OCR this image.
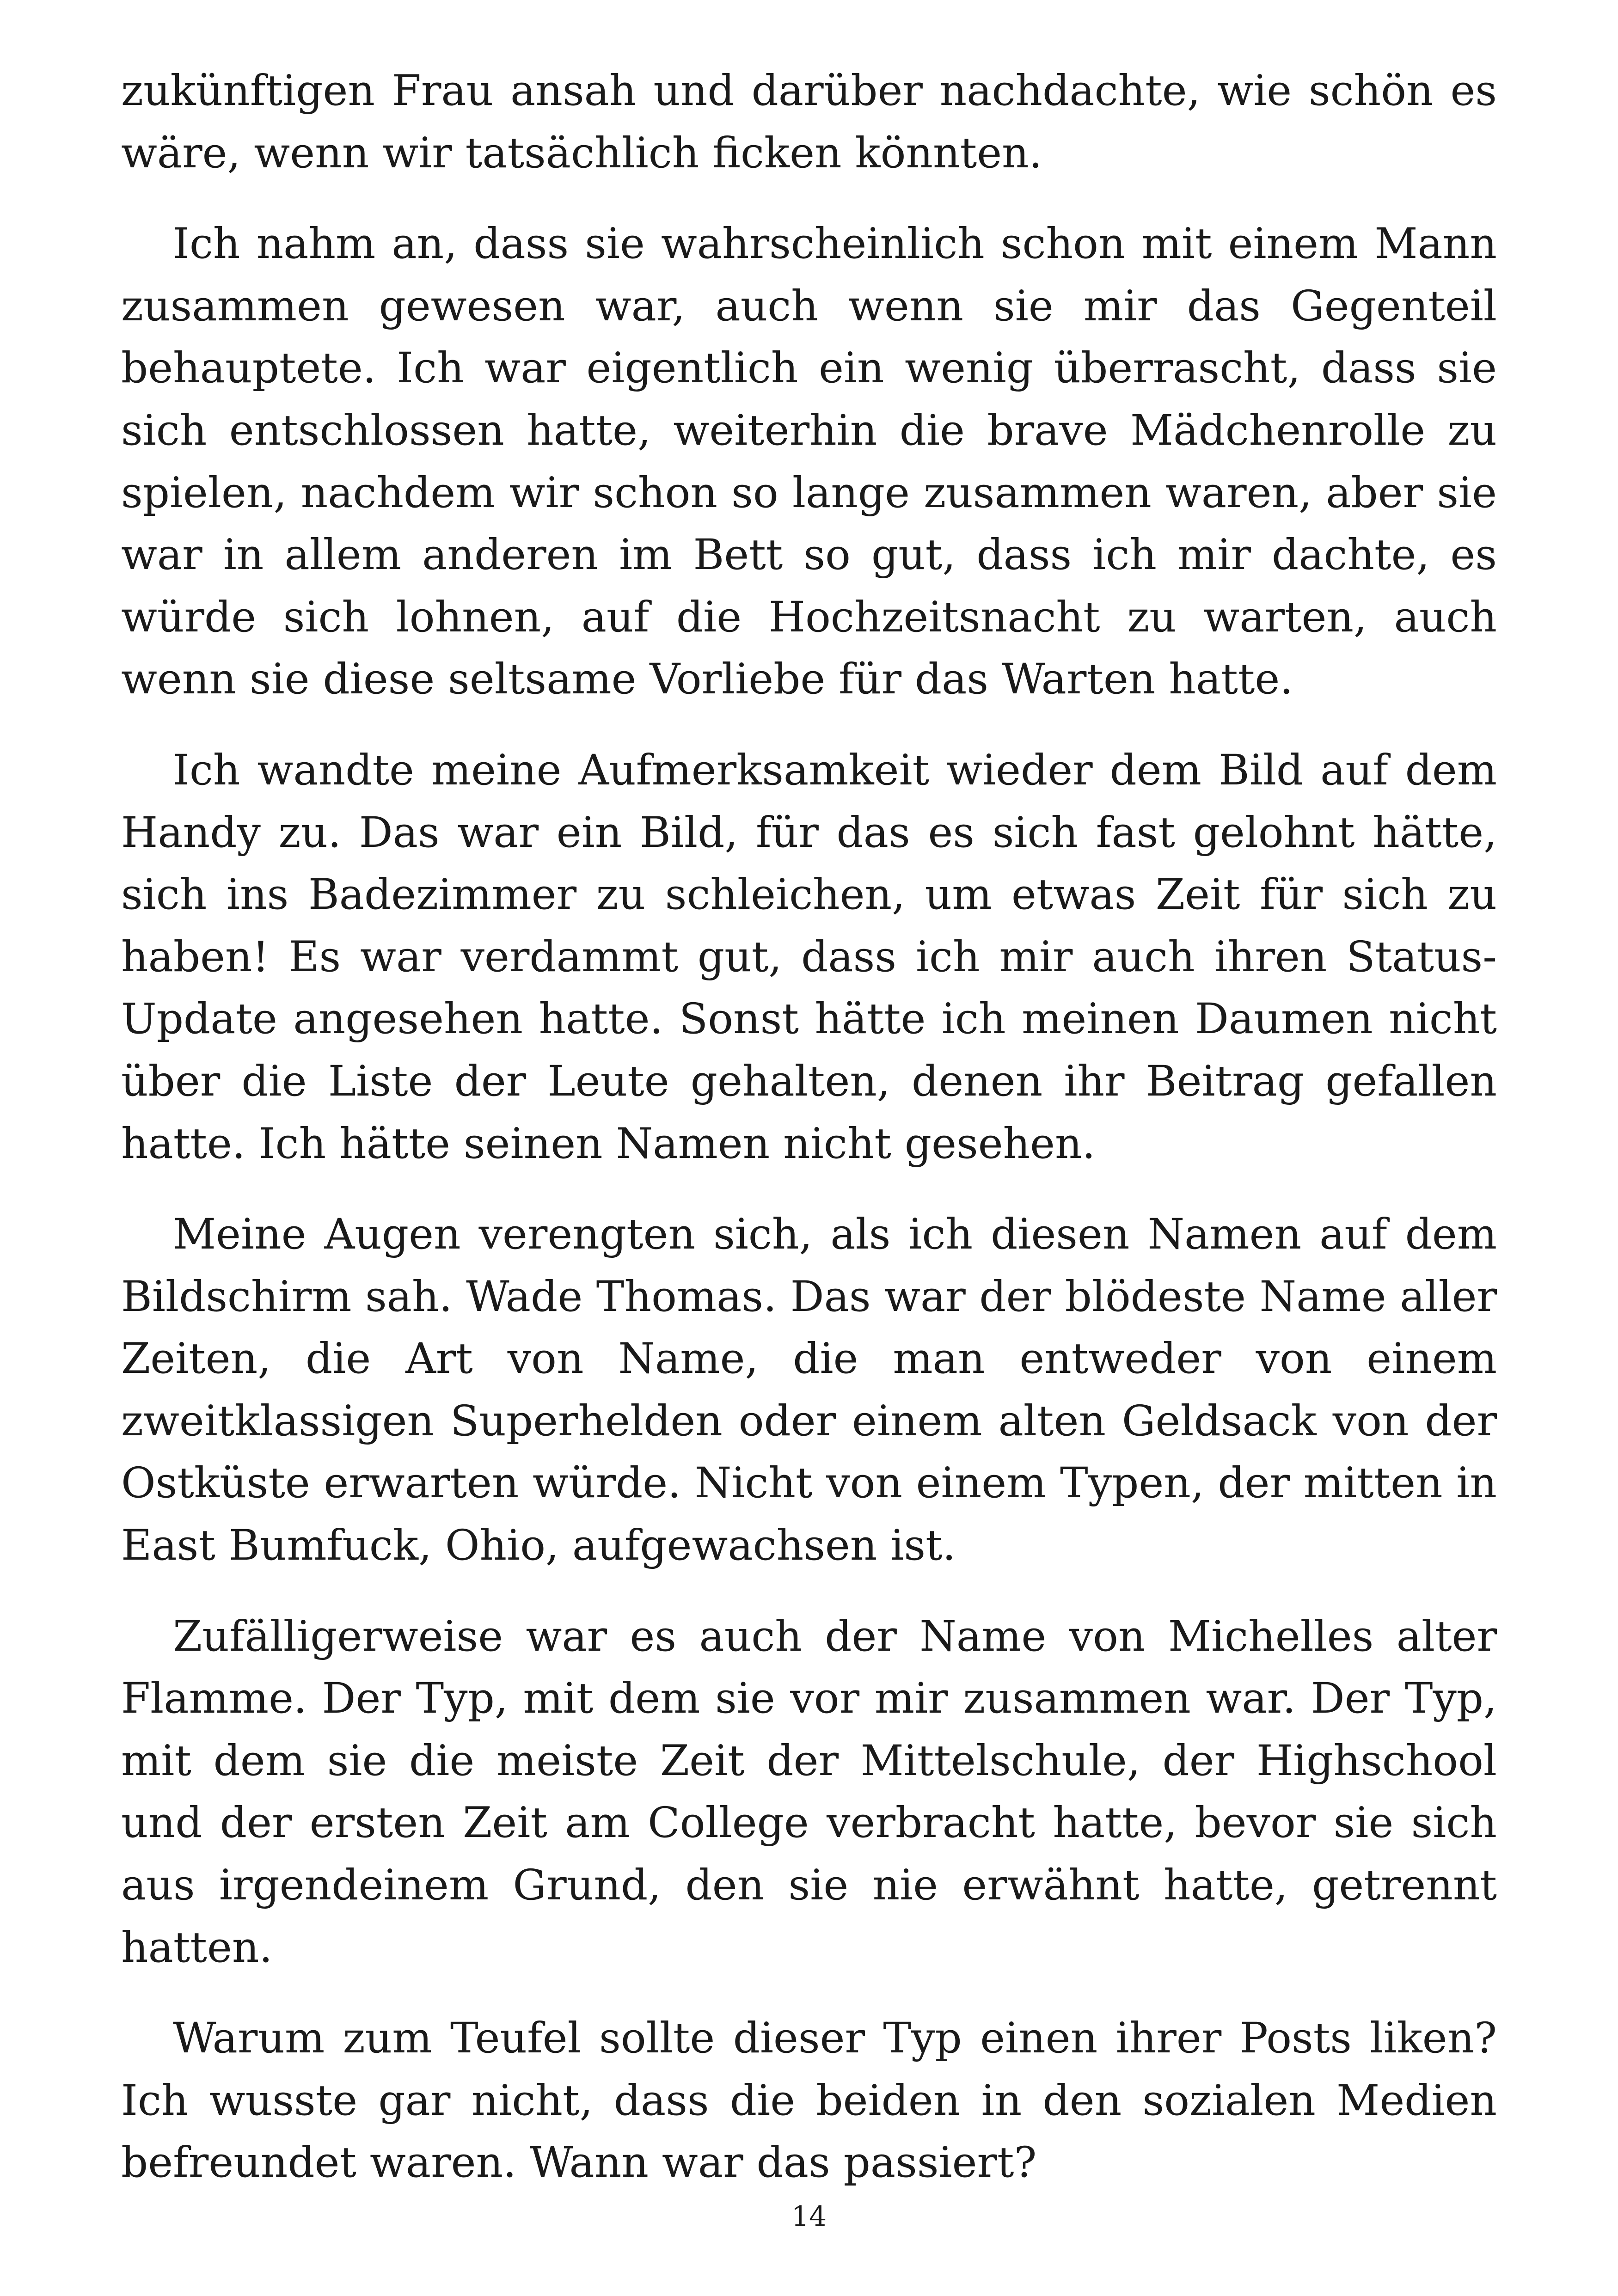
zukünftigen Frau ansah und darüber nachdachte, wie schön es wäre, wenn wir tatsächlich ficken könnten.

Ich nahm an, dass sie wahrscheinlich schon mit einem Mann zusammen gewesen war, auch wenn sie mir das Gegenteil behauptete. Ich war eigentlich ein wenig überrascht, dass sie sich entschlossen hatte, weiterhin die brave Mädchenrolle zu spielen, nachdem wir schon so lange zusammen waren, aber sie war in allem anderen im Bett so gut, dass ich mir dachte, es würde sich lohnen, auf die Hochzeitsnacht zu warten, auch wenn sie diese seltsame Vorliebe für das Warten hatte.

Ich wandte meine Aufmerksamkeit wieder dem Bild auf dem Handy zu. Das war ein Bild, für das es sich fast gelohnt hätte, sich ins Badezimmer zu schleichen, um etwas Zeit für sich zu haben! Es war verdammt gut, dass ich mir auch ihren Status-Update angesehen hatte. Sonst hätte ich meinen Daumen nicht über die Liste der Leute gehalten, denen ihr Beitrag gefallen hatte. Ich hätte seinen Namen nicht gesehen.

Meine Augen verengten sich, als ich diesen Namen auf dem Bildschirm sah. Wade Thomas. Das war der blödeste Name aller Zeiten, die Art von Name, die man entweder von einem zweitklassigen Superhelden oder einem alten Geldsack von der Ostküste erwarten würde. Nicht von einem Typen, der mitten in East Bumfuck, Ohio, aufgewachsen ist.

Zufälligerweise war es auch der Name von Michelles alter Flamme. Der Typ, mit dem sie vor mir zusammen war. Der Typ, mit dem sie die meiste Zeit der Mittelschule, der Highschool und der ersten Zeit am College verbracht hatte, bevor sie sich aus irgendeinem Grund, den sie nie erwähnt hatte, getrennt hatten.

Warum zum Teufel sollte dieser Typ einen ihrer Posts liken? Ich wusste gar nicht, dass die beiden in den sozialen Medien befreundet waren. Wann war das passiert?

14
